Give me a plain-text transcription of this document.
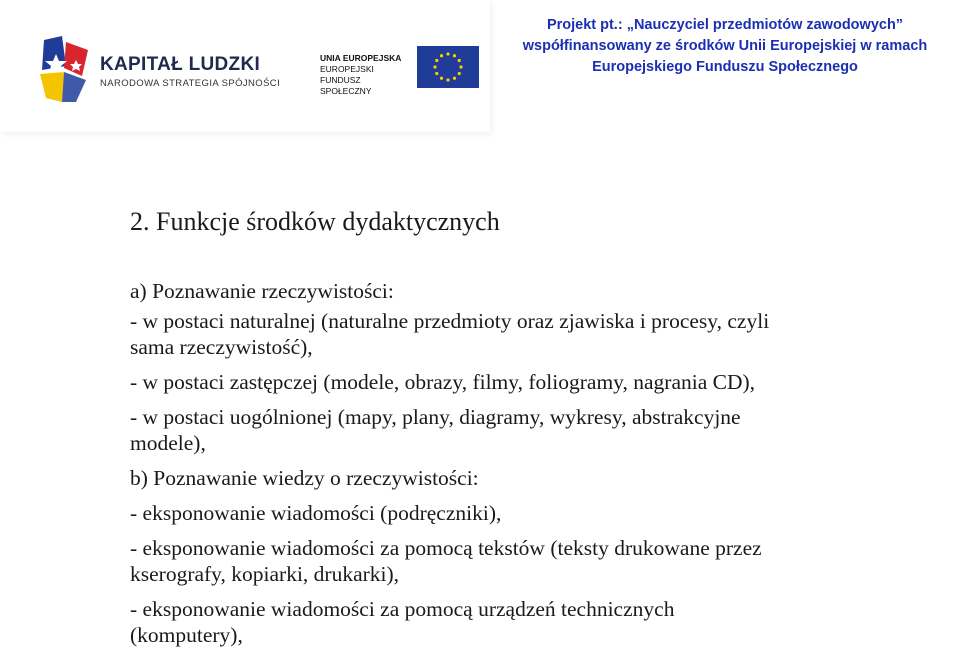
KAPITAŁ LUDZKI
NARODOWA STRATEGIA SPÓJNOŚCI
UNIA EUROPEJSKA
EUROPEJSKI
FUNDUSZ SPOŁECZNY
Projekt pt.: „Nauczyciel przedmiotów zawodowych”
współfinansowany ze środków Unii Europejskiej w ramach
Europejskiego Funduszu Społecznego
2. Funkcje środków dydaktycznych

a) Poznawanie rzeczywistości:

- w postaci naturalnej (naturalne przedmioty oraz zjawiska i procesy, czyli

sama rzeczywistość),

- w postaci zastępczej (modele, obrazy, filmy, foliogramy, nagrania CD),

- w postaci uogólnionej (mapy, plany, diagramy, wykresy, abstrakcyjne

modele),

b) Poznawanie wiedzy o rzeczywistości:

- eksponowanie wiadomości (podręczniki),

- eksponowanie wiadomości za pomocą tekstów (teksty drukowane przez

kserografy, kopiarki, drukarki),

- eksponowanie wiadomości za pomocą urządzeń technicznych

(komputery),
